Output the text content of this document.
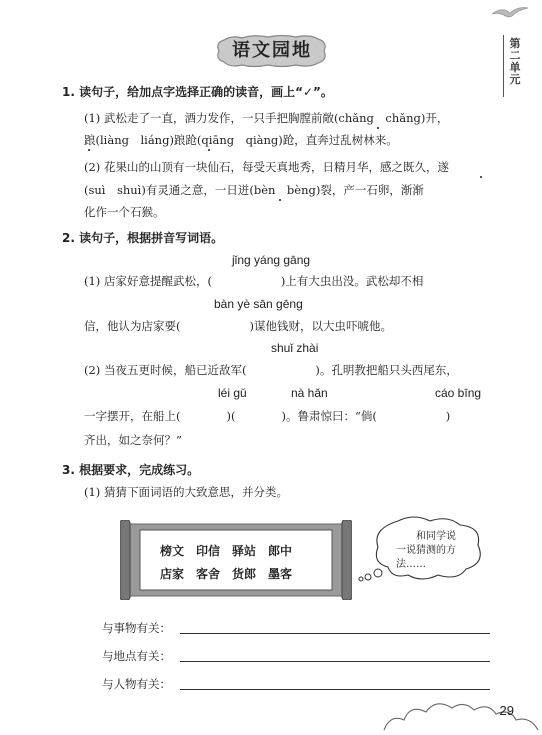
语文园地	第
二
单
元
1. 读句子，给加点字选择正确的读音，画上“✓”。
(1) 武松走了一直，酒力发作，一只手把胸膛前敞(chǎng　chǎng)开，
踉(liàng　liáng)踉跄(qiāng　qiàng)跄，直奔过乱树林来。
(2) 花果山的山顶有一块仙石，每受天真地秀，日精月华，感之既久，遂
(suì　shuì)有灵通之意，一日迸(bèn　bèng)裂，产一石卵，渐渐
化作一个石猴。
2. 读句子，根据拼音写词语。
jǐng yáng gāng
(1) 店家好意提醒武松，(　　　　　　)上有大虫出没。武松却不相
bàn yè sān gēng
信，他认为店家要(　　　　　　)谋他钱财，以大虫吓唬他。
shuǐ zhài
(2) 当夜五更时候，船已近敌军(　　　　　　)。孔明教把船只头西尾东，
léi gǔ	nà hǎn	cáo bīng
一字摆开，在船上(　　　　)(　　　　)。鲁肃惊曰：“倘(　　　　　　)
齐出，如之奈何？”
3. 根据要求，完成练习。
(1) 猜猜下面词语的大致意思，并分类。
榜文　印信　驿站　郎中
店家　客舍　货郎　墨客
和同学说
一说猜测的方
法……
与事物有关：
与地点有关：
与人物有关：
29
